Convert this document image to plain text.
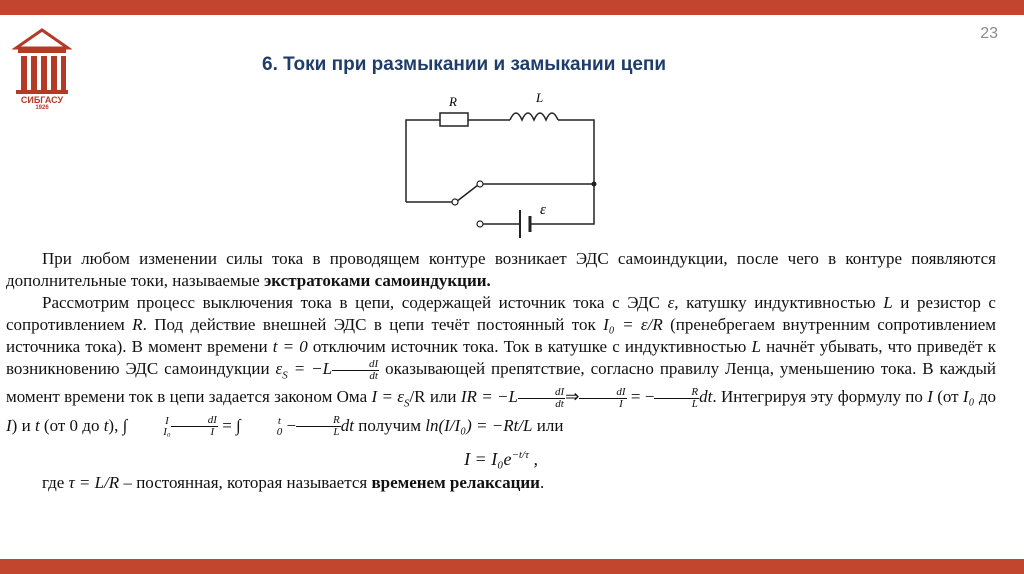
23
СИБГАСУ
1926
6. Токи при размыкании и замыкании цепи
R	L
ε

При любом изменении силы тока в проводящем контуре возникает ЭДС самоиндукции, после чего в контуре появляются дополнительные токи, называемые экстратоками самоиндукции.

Рассмотрим процесс выключения тока в цепи, содержащей источник тока с ЭДС ε, катушку индуктивностью L и резистор с сопротивлением R. Под действие внешней ЭДС в цепи течёт постоянный ток I₀ = ε/R (пренебрегаем внутренним сопротивлением источника тока). В момент времени t = 0 отключим источник тока. Ток в катушке с индуктивностью L начнёт убывать, что приведёт к возникновению ЭДС самоиндукции $\varepsilon_S = -L \frac{dI}{dt}$ оказывающей препятствие, согласно правилу Ленца, уменьшению тока. В каждый момент времени ток в цепи задается законом Ома $I = \varepsilon_S/R$ или IR = $-L \frac{dI}{dt}$ ⇒ $\frac{dI}{I}$ = − $\frac{R}{L}$ dt. Интегрируя эту формулу по I (от I₀ до I) и t (от 0 до t), ∫	I
$I_0 \frac{dI}{I}$ = ∫	t
$0 - \frac{R}{L}$ dt получим ln(I/I₀) = −Rt/L или

$I = I_0e^{-t/\tau}$ ,

где τ = L/R – постоянная, которая называется временем релаксации.
